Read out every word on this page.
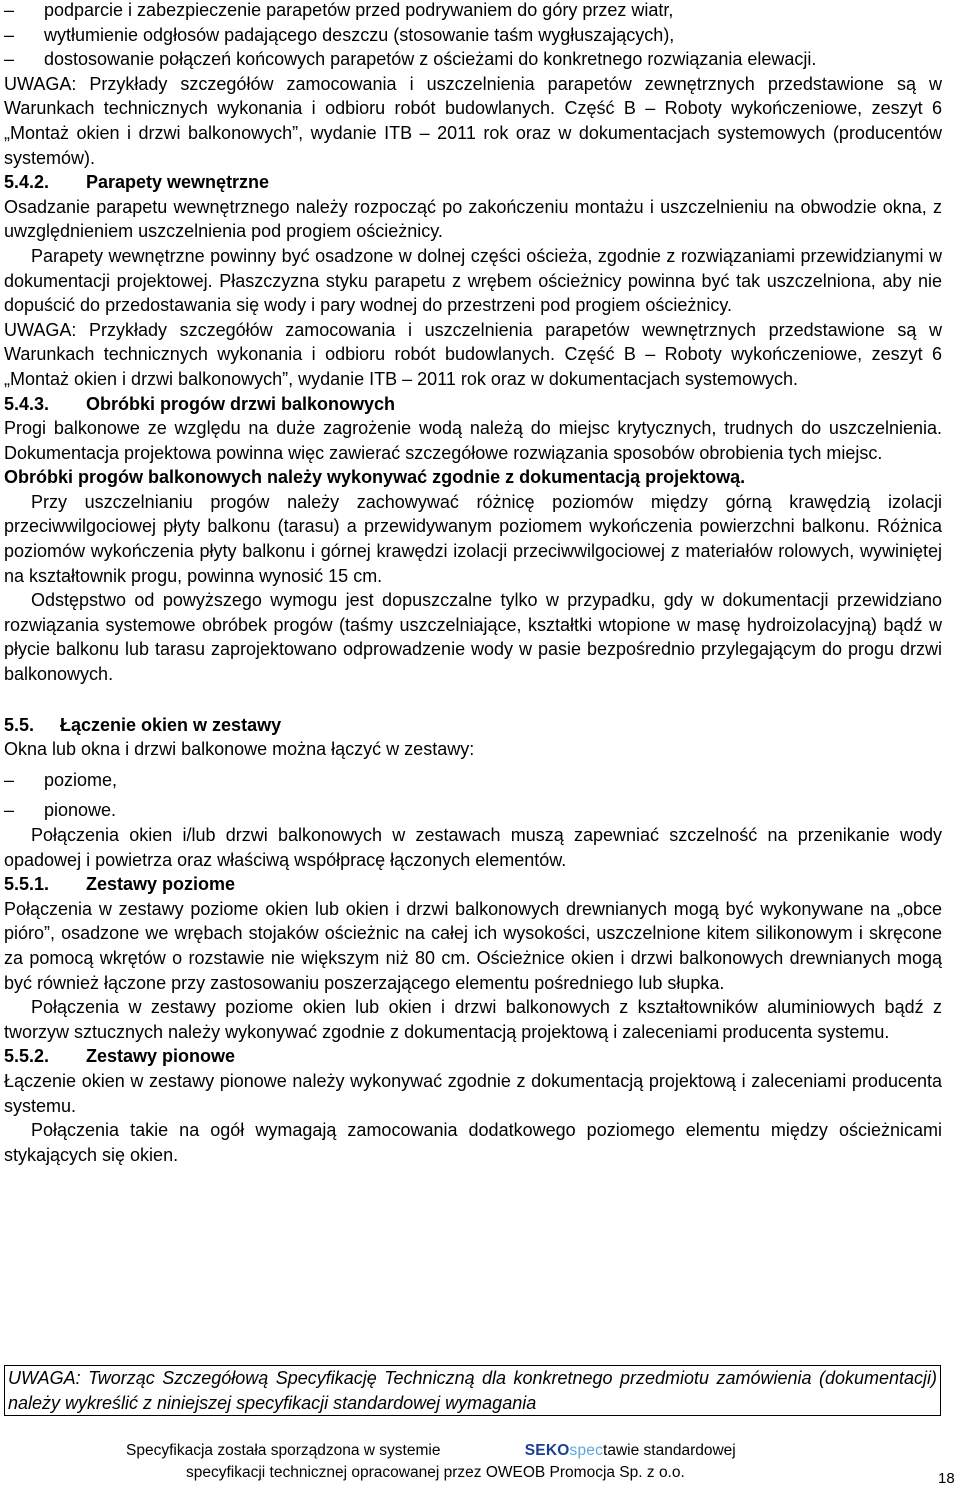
– podparcie i zabezpieczenie parapetów przed podrywaniem do góry przez wiatr,
– wytłumienie odgłosów padającego deszczu (stosowanie taśm wygłuszających),
– dostosowanie połączeń końcowych parapetów z ościeżami do konkretnego rozwiązania elewacji.
UWAGA: Przykłady szczegółów zamocowania i uszczelnienia parapetów zewnętrznych przedstawione są w Warunkach technicznych wykonania i odbioru robót budowlanych. Część B – Roboty wykończeniowe, zeszyt 6 „Montaż okien i drzwi balkonowych”, wydanie ITB – 2011 rok oraz w dokumentacjach systemowych (producentów systemów).
5.4.2. Parapety wewnętrzne
Osadzanie parapetu wewnętrznego należy rozpocząć po zakończeniu montażu i uszczelnieniu na obwodzie okna, z uwzględnieniem uszczelnienia pod progiem ościeżnicy.
Parapety wewnętrzne powinny być osadzone w dolnej części ościeża, zgodnie z rozwiązaniami przewidzianymi w dokumentacji projektowej. Płaszczyzna styku parapetu z wrębem ościeżnicy powinna być tak uszczelniona, aby nie dopuścić do przedostawania się wody i pary wodnej do przestrzeni pod progiem ościeżnicy.
UWAGA: Przykłady szczegółów zamocowania i uszczelnienia parapetów wewnętrznych przedstawione są w Warunkach technicznych wykonania i odbioru robót budowlanych. Część B – Roboty wykończeniowe, zeszyt 6 „Montaż okien i drzwi balkonowych”, wydanie ITB – 2011 rok oraz w dokumentacjach systemowych.
5.4.3. Obróbki progów drzwi balkonowych
Progi balkonowe ze względu na duże zagrożenie wodą należą do miejsc krytycznych, trudnych do uszczelnienia. Dokumentacja projektowa powinna więc zawierać szczegółowe rozwiązania sposobów obrobienia tych miejsc.
Obróbki progów balkonowych należy wykonywać zgodnie z dokumentacją projektową.
Przy uszczelnianiu progów należy zachowywać różnicę poziomów między górną krawędzią izolacji przeciwwilgociowej płyty balkonu (tarasu) a przewidywanym poziomem wykończenia powierzchni balkonu. Różnica poziomów wykończenia płyty balkonu i górnej krawędzi izolacji przeciwwilgociowej z materiałów rolowych, wywiniętej na kształtownik progu, powinna wynosić 15 cm.
Odstępstwo od powyższego wymogu jest dopuszczalne tylko w przypadku, gdy w dokumentacji przewidziano rozwiązania systemowe obróbek progów (taśmy uszczelniające, kształtki wtopione w masę hydroizolacyjną) bądź w płycie balkonu lub tarasu zaprojektowano odprowadzenie wody w pasie bezpośrednio przylegającym do progu drzwi balkonowych.
5.5. Łączenie okien w zestawy
Okna lub okna i drzwi balkonowe można łączyć w zestawy:
– poziome,
– pionowe.
Połączenia okien i/lub drzwi balkonowych w zestawach muszą zapewniać szczelność na przenikanie wody opadowej i powietrza oraz właściwą współpracę łączonych elementów.
5.5.1. Zestawy poziome
Połączenia w zestawy poziome okien lub okien i drzwi balkonowych drewnianych mogą być wykonywane na „obce pióro”, osadzone we wrębach stojaków ościeżnic na całej ich wysokości, uszczelnione kitem silikonowym i skręcone za pomocą wkrętów o rozstawie nie większym niż 80 cm. Ościeżnice okien i drzwi balkonowych drewnianych mogą być również łączone przy zastosowaniu poszerzającego elementu pośredniego lub słupka.
Połączenia w zestawy poziome okien lub okien i drzwi balkonowych z kształtowników aluminiowych bądź z tworzyw sztucznych należy wykonywać zgodnie z dokumentacją projektową i zaleceniami producenta systemu.
5.5.2. Zestawy pionowe
Łączenie okien w zestawy pionowe należy wykonywać zgodnie z dokumentacją projektową i zaleceniami producenta systemu.
Połączenia takie na ogół wymagają zamocowania dodatkowego poziomego elementu między ościeżnicami stykających się okien.
UWAGA: Tworząc Szczegółową Specyfikację Techniczną dla konkretnego przedmiotu zamówienia (dokumentacji) należy wykreślić z niniejszej specyfikacji standardowej wymagania
Specyfikacja została sporządzona w systemie	SEKOspectawie standardowej
specyfikacji technicznej opracowanej przez OWEOB Promocja Sp. z o.o.	18
